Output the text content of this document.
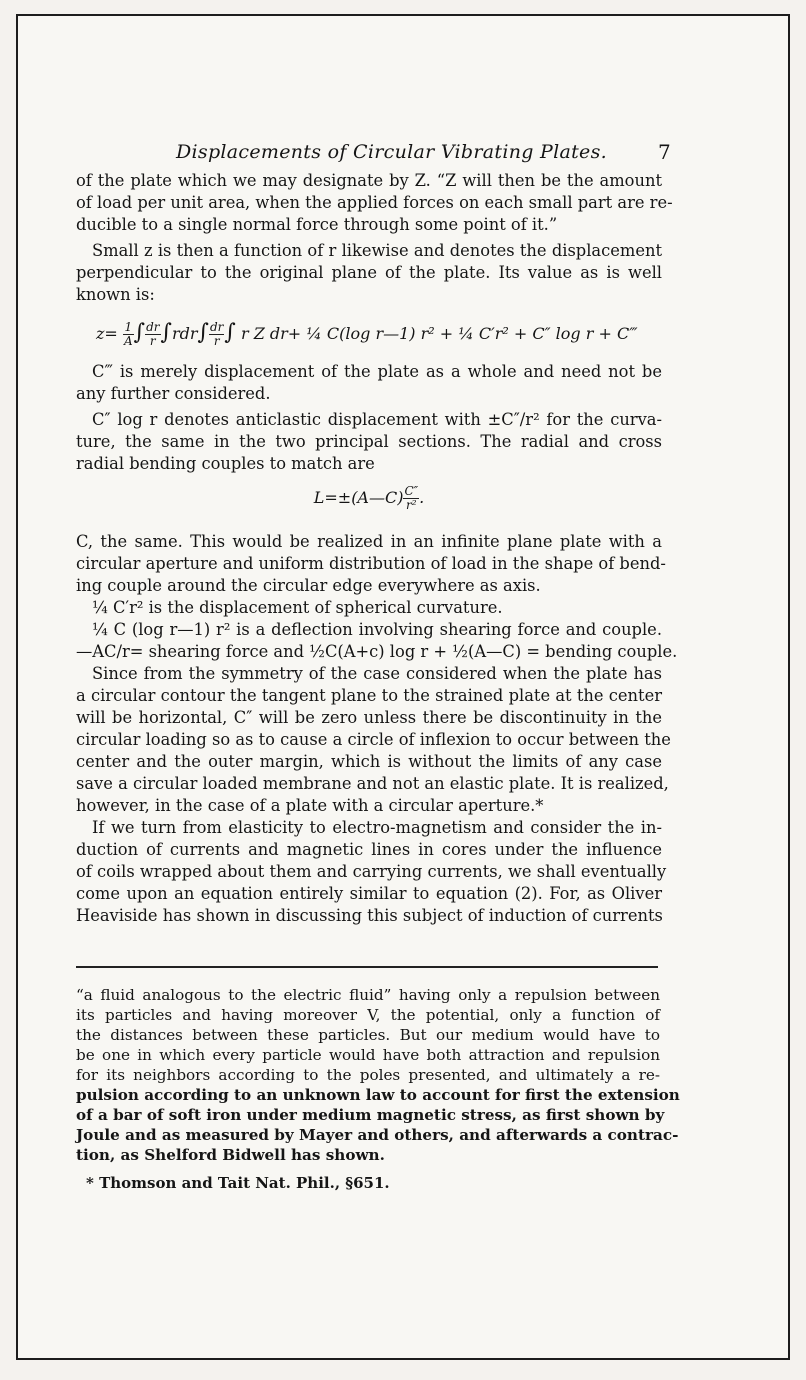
Displacements of Circular Vibrating Plates.	7

of the plate which we may designate by Z. “Z will then be the amount
of load per unit area, when the applied forces on each small part are re-
ducible to a single normal force through some point of it.”

Small z is then a function of r likewise and denotes the displacement
perpendicular to the original plane of the plate. Its value as is well
known is:

$z= \frac{1}{A}$ ∫ $\frac{dr}{r} \int rdr\int \frac{dr}{r}$ ∫ r Z dr+ ¼ C(log r—1) r² + ¼ C′r² + C″ log r + C‴

C‴ is merely displacement of the plate as a whole and need not be
any further considered.

C″ log r denotes anticlastic displacement with ±C″/r² for the curva-
ture, the same in the two principal sections. The radial and cross
radial bending couples to match are

L=±(A—C) $\frac{C''}{\text{r²}}$ .

C, the same. This would be realized in an infinite plane plate with a
circular aperture and uniform distribution of load in the shape of bend-
ing couple around the circular edge everywhere as axis.

¼ C′r² is the displacement of spherical curvature.

¼ C (log r—1) r² is a deflection involving shearing force and couple.
—AC/r= shearing force and ½C(A+c) log r + ½(A—C) = bending couple.

Since from the symmetry of the case considered when the plate has
a circular contour the tangent plane to the strained plate at the center
will be horizontal, C″ will be zero unless there be discontinuity in the
circular loading so as to cause a circle of inflexion to occur between the
center and the outer margin, which is without the limits of any case
save a circular loaded membrane and not an elastic plate. It is realized,
however, in the case of a plate with a circular aperture.*

If we turn from elasticity to electro-magnetism and consider the in-
duction of currents and magnetic lines in cores under the influence
of coils wrapped about them and carrying currents, we shall eventually
come upon an equation entirely similar to equation (2). For, as Oliver
Heaviside has shown in discussing this subject of induction of currents

“a fluid analogous to the electric fluid” having only a repulsion between
its particles and having moreover V, the potential, only a function of
the distances between these particles. But our medium would have to
be one in which every particle would have both attraction and repulsion
for its neighbors according to the poles presented, and ultimately a re-
pulsion according to an unknown law to account for first the extension
of a bar of soft iron under medium magnetic stress, as first shown by
Joule and as measured by Mayer and others, and afterwards a contrac-
tion, as Shelford Bidwell has shown.

* Thomson and Tait Nat. Phil., §651.
